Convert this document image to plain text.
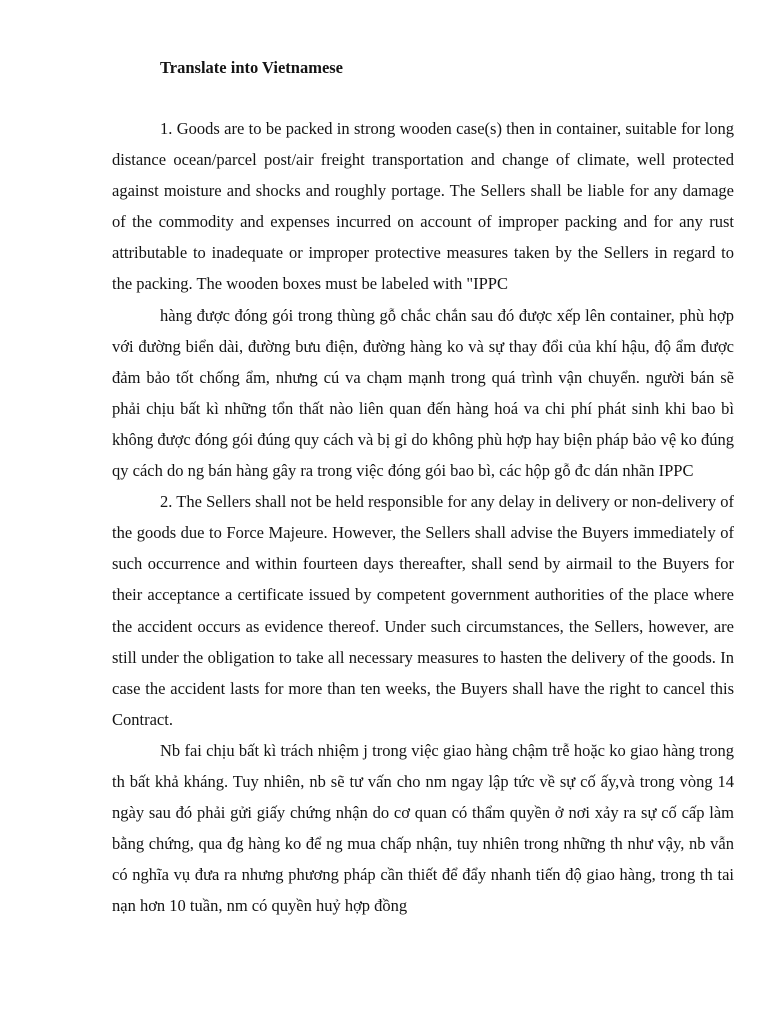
Translate into Vietnamese

1. Goods are to be packed in strong wooden case(s) then in container, suitable for long distance ocean/parcel post/air freight transportation and change of climate, well protected against moisture and shocks and roughly portage. The Sellers shall be liable for any damage of the commodity and expenses incurred on account of improper packing and for any rust attributable to inadequate or improper protective measures taken by the Sellers in regard to the packing. The wooden boxes must be labeled with "IPPC

hàng được đóng gói trong thùng gỗ chắc chắn sau đó được xếp lên container, phù hợp với đường biển dài, đường bưu điện, đường hàng ko và sự thay đổi của khí hậu, độ ẩm được đảm bảo tốt chống ẩm, nhưng cú va chạm mạnh trong quá trình vận chuyển. người bán sẽ phải chịu bất kì những tổn thất nào liên quan đến hàng hoá va chi phí phát sinh khi bao bì không được đóng gói đúng quy cách và bị gỉ do không phù hợp hay biện pháp bảo vệ ko đúng qy cách do ng bán hàng gây ra trong việc đóng gói bao bì, các hộp gỗ đc dán nhãn IPPC

2. The Sellers shall not be held responsible for any delay in delivery or non-delivery of the goods due to Force Majeure. However, the Sellers shall advise the Buyers immediately of such occurrence and within fourteen days thereafter, shall send by airmail to the Buyers for their acceptance a certificate issued by competent government authorities of the place where the accident occurs as evidence thereof. Under such circumstances, the Sellers, however, are still under the obligation to take all necessary measures to hasten the delivery of the goods. In case the accident lasts for more than ten weeks, the Buyers shall have the right to cancel this Contract.

Nb fai chịu bất kì trách nhiệm j trong việc giao hàng chậm trễ hoặc ko giao hàng trong th bất khả kháng. Tuy nhiên, nb sẽ tư vấn cho nm ngay lập tức về sự cố ấy,và trong vòng 14 ngày sau đó phải gửi giấy chứng nhận do cơ quan có thẩm quyền ở nơi xảy ra sự cố cấp làm bằng chứng, qua đg hàng ko để ng mua chấp nhận, tuy nhiên trong những th như vậy, nb vẫn có nghĩa vụ đưa ra nhưng phương pháp cần thiết để đẩy nhanh tiến độ giao hàng, trong th tai nạn hơn 10 tuần, nm có quyền huỷ hợp đồng
